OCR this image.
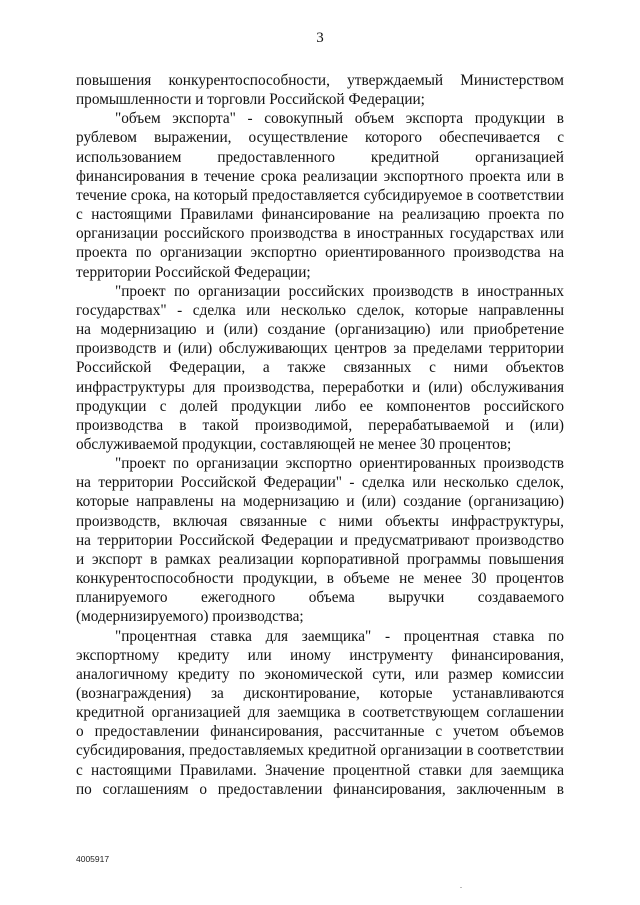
3

повышения конкурентоспособности, утверждаемый Министерством
промышленности и торговли Российской Федерации;

"объем экспорта" - совокупный объем экспорта продукции в
рублевом выражении, осуществление которого обеспечивается с
использованием предоставленного кредитной организацией
финансирования в течение срока реализации экспортного проекта или в
течение срока, на который предоставляется субсидируемое в соответствии
с настоящими Правилами финансирование на реализацию проекта по
организации российского производства в иностранных государствах или
проекта по организации экспортно ориентированного производства на
территории Российской Федерации;

"проект по организации российских производств в иностранных
государствах" - сделка или несколько сделок, которые направленны
на модернизацию и (или) создание (организацию) или приобретение
производств и (или) обслуживающих центров за пределами территории
Российской Федерации, а также связанных с ними объектов
инфраструктуры для производства, переработки и (или) обслуживания
продукции с долей продукции либо ее компонентов российского
производства в такой производимой, перерабатываемой и (или)
обслуживаемой продукции, составляющей не менее 30 процентов;

"проект по организации экспортно ориентированных производств
на территории Российской Федерации" - сделка или несколько сделок,
которые направлены на модернизацию и (или) создание (организацию)
производств, включая связанные с ними объекты инфраструктуры,
на территории Российской Федерации и предусматривают производство
и экспорт в рамках реализации корпоративной программы повышения
конкурентоспособности продукции, в объеме не менее 30 процентов
планируемого ежегодного объема выручки создаваемого
(модернизируемого) производства;

"процентная ставка для заемщика" - процентная ставка по
экспортному кредиту или иному инструменту финансирования,
аналогичному кредиту по экономической сути, или размер комиссии
(вознаграждения) за дисконтирование, которые устанавливаются
кредитной организацией для заемщика в соответствующем соглашении
о предоставлении финансирования, рассчитанные с учетом объемов
субсидирования, предоставляемых кредитной организации в соответствии
с настоящими Правилами. Значение процентной ставки для заемщика
по соглашениям о предоставлении финансирования, заключенным в

4005917
